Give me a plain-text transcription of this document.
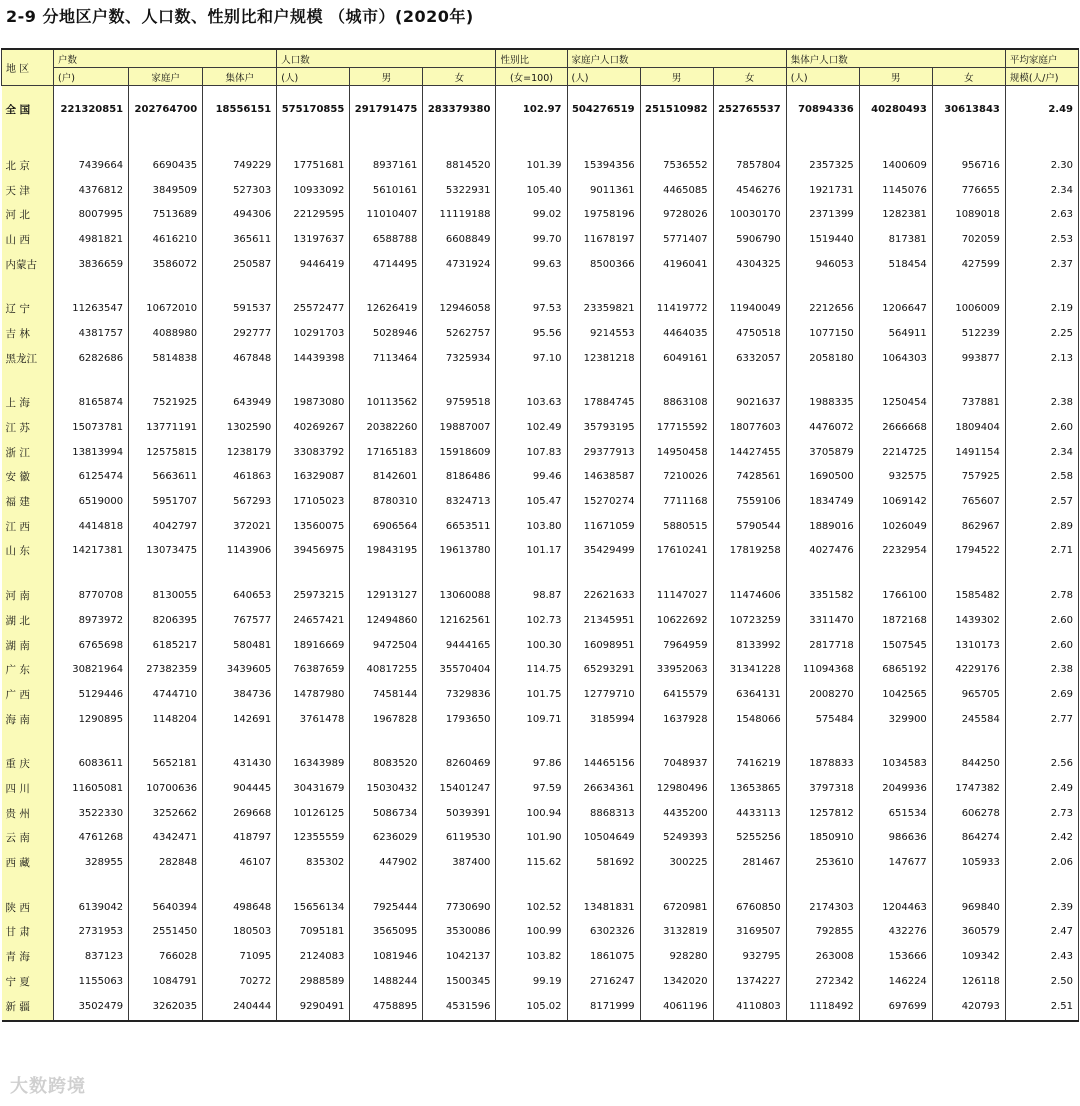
2-9 分地区户数、人口数、性别比和户规模 （城市）(2020年)
地 区	户数			人口数			性别比	家庭户人口数			集体户人口数			平均家庭户
	(户)	家庭户	集体户	(人)	男	女	(女=100)	(人)	男	女	(人)	男	女	规模(人/户)
全 国	221320851	202764700	18556151	575170855	291791475	283379380	102.97	504276519	251510982	252765537	70894336	40280493	30613843	2.49

北 京	7439664	6690435	749229	17751681	8937161	8814520	101.39	15394356	7536552	7857804	2357325	1400609	956716	2.30
天 津	4376812	3849509	527303	10933092	5610161	5322931	105.40	9011361	4465085	4546276	1921731	1145076	776655	2.34
河 北	8007995	7513689	494306	22129595	11010407	11119188	99.02	19758196	9728026	10030170	2371399	1282381	1089018	2.63
山 西	4981821	4616210	365611	13197637	6588788	6608849	99.70	11678197	5771407	5906790	1519440	817381	702059	2.53
内蒙古	3836659	3586072	250587	9446419	4714495	4731924	99.63	8500366	4196041	4304325	946053	518454	427599	2.37

辽 宁	11263547	10672010	591537	25572477	12626419	12946058	97.53	23359821	11419772	11940049	2212656	1206647	1006009	2.19
吉 林	4381757	4088980	292777	10291703	5028946	5262757	95.56	9214553	4464035	4750518	1077150	564911	512239	2.25
黑龙江	6282686	5814838	467848	14439398	7113464	7325934	97.10	12381218	6049161	6332057	2058180	1064303	993877	2.13

上 海	8165874	7521925	643949	19873080	10113562	9759518	103.63	17884745	8863108	9021637	1988335	1250454	737881	2.38
江 苏	15073781	13771191	1302590	40269267	20382260	19887007	102.49	35793195	17715592	18077603	4476072	2666668	1809404	2.60
浙 江	13813994	12575815	1238179	33083792	17165183	15918609	107.83	29377913	14950458	14427455	3705879	2214725	1491154	2.34
安 徽	6125474	5663611	461863	16329087	8142601	8186486	99.46	14638587	7210026	7428561	1690500	932575	757925	2.58
福 建	6519000	5951707	567293	17105023	8780310	8324713	105.47	15270274	7711168	7559106	1834749	1069142	765607	2.57
江 西	4414818	4042797	372021	13560075	6906564	6653511	103.80	11671059	5880515	5790544	1889016	1026049	862967	2.89
山 东	14217381	13073475	1143906	39456975	19843195	19613780	101.17	35429499	17610241	17819258	4027476	2232954	1794522	2.71

河 南	8770708	8130055	640653	25973215	12913127	13060088	98.87	22621633	11147027	11474606	3351582	1766100	1585482	2.78
湖 北	8973972	8206395	767577	24657421	12494860	12162561	102.73	21345951	10622692	10723259	3311470	1872168	1439302	2.60
湖 南	6765698	6185217	580481	18916669	9472504	9444165	100.30	16098951	7964959	8133992	2817718	1507545	1310173	2.60
广 东	30821964	27382359	3439605	76387659	40817255	35570404	114.75	65293291	33952063	31341228	11094368	6865192	4229176	2.38
广 西	5129446	4744710	384736	14787980	7458144	7329836	101.75	12779710	6415579	6364131	2008270	1042565	965705	2.69
海 南	1290895	1148204	142691	3761478	1967828	1793650	109.71	3185994	1637928	1548066	575484	329900	245584	2.77

重 庆	6083611	5652181	431430	16343989	8083520	8260469	97.86	14465156	7048937	7416219	1878833	1034583	844250	2.56
四 川	11605081	10700636	904445	30431679	15030432	15401247	97.59	26634361	12980496	13653865	3797318	2049936	1747382	2.49
贵 州	3522330	3252662	269668	10126125	5086734	5039391	100.94	8868313	4435200	4433113	1257812	651534	606278	2.73
云 南	4761268	4342471	418797	12355559	6236029	6119530	101.90	10504649	5249393	5255256	1850910	986636	864274	2.42
西 藏	328955	282848	46107	835302	447902	387400	115.62	581692	300225	281467	253610	147677	105933	2.06

陕 西	6139042	5640394	498648	15656134	7925444	7730690	102.52	13481831	6720981	6760850	2174303	1204463	969840	2.39
甘 肃	2731953	2551450	180503	7095181	3565095	3530086	100.99	6302326	3132819	3169507	792855	432276	360579	2.47
青 海	837123	766028	71095	2124083	1081946	1042137	103.82	1861075	928280	932795	263008	153666	109342	2.43
宁 夏	1155063	1084791	70272	2988589	1488244	1500345	99.19	2716247	1342020	1374227	272342	146224	126118	2.50
新 疆	3502479	3262035	240444	9290491	4758895	4531596	105.02	8171999	4061196	4110803	1118492	697699	420793	2.51
大数跨境
